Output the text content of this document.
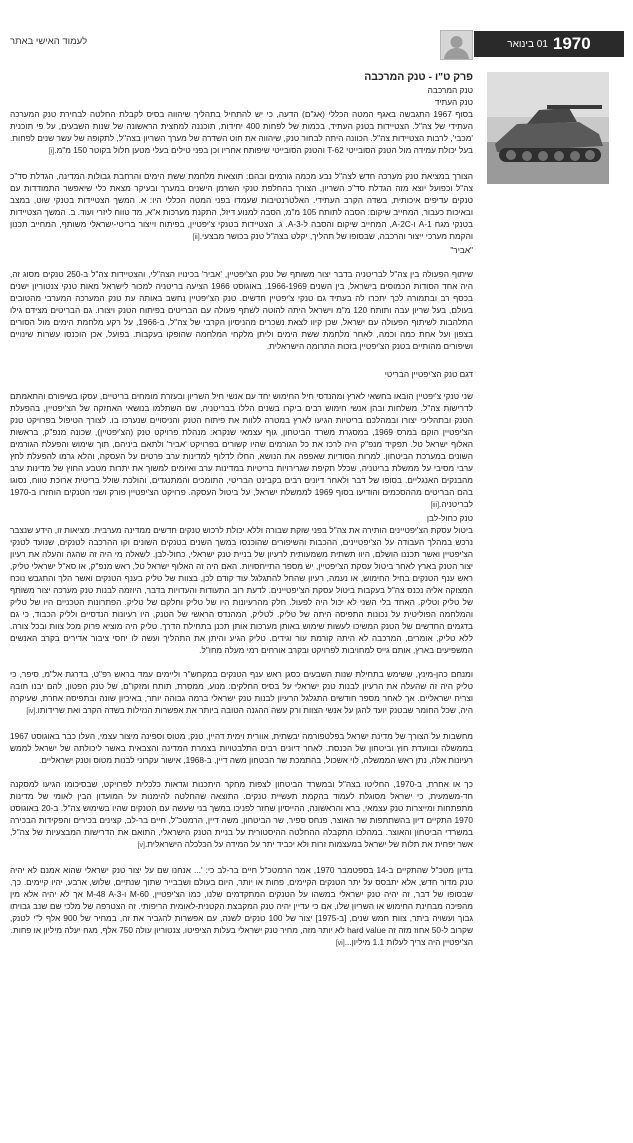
1970
01 בינואר
לעמוד האישי באתר

פרק ט"ו - טנק המרכבה

טנק המרכבה

טנק העתיד

בסוף 1967 התגבשה באגף המטה הכללי (אג"ם) הדעה, כי יש להתחיל בתהליך שיהווה בסיס לקבלת החלטה לבחירת טנק המערכה העתידי של צה"ל. הצטיידות בטנק העתיד, בכמות של לפחות 400 יחידות, תוכננה למחצית הראשונה של שנות השבעים, על פי תוכנית 'מכבי', לרבות הצטיידות צה"ל. הכוונה היתה לבחור טנק, שיהווה את חוט השדרה של מערך השריון בצה"ל, לתקופה של עשר שנים לפחות. בעל יכולת עמידה מול הטנק הסובייטי T-62 והטנק הסובייטי שיפותח אחריו וכן בפני טילים בעלי מטען חלול בקוטר 150 מ"מ.[i]

הצורך במציאת טנק מערכה חדש לצה"ל נבע מכמה גורמים ובהם: תוצאות מלחמת ששת הימים והרחבת גבולות המדינה, הגדלת סד"כ צה"ל וכפועל יוצא מזה הגדלת סד"כ השריון, הצורך בהחלפת טנקי השרמן הישנים במערך ובעיקר מצאת כלי שיאפשר התמודדות עם טנקים עדיפים איכותית, בשדה הקרב העתידי. האלטרנטיבות שעמדו בפני המטה הכללי היו: א. המשך הצטיידות בטנקי שוט, במצב ובאיכות כעבור, המחייב שיקום: הסבה לתותח 105 מ"מ, הסבה למנוע דיזל, התקנת מערכות א"א, מד טווח ליזרי ועוד. ב. המשך הצטיידות בטנקי מגח A-1 ו-A-2C, המחייב שיקום והסבה ל-A-3. ג. הצטיידות בטנקי צ'יפטיין, בפיתוח וייצור בריטי-ישראלי משותף, המחייב תכנון והקמת מערכי ייצור והרכבה, שבסופו של תהליך, יקלט בצה"ל טנק בכושר מבצעי.[ii]
"אביר"

שיתוף הפעולה בין צה"ל לבריטניה בדבר יצור משותף של טנק הצ'יפטיין, 'אביר' בכינויו הצה"לי, והצטיידות צה"ל ב-250 טנקים מסוג זה, היה אחד הסודות הכמוסים בישראל, בין השנים 1966-1969. באוגוסט 1966 הציעה בריטניה למכור לישראל מאות טנקי צנטוריון ישנים בכסף רב ובתמורה לכך יתכרו לה בעתיד גם טנקי צ'יפטיין חדשים. טנק הצ'יפטיין נחשב באותה עת טנק המערכה המערבי מהטובים בעולם, בעל שריון עבה ותותח 120 מ"מ וישראל היתה להוטה לשתף פעולה עם הבריטים בפיתוח הטנק ויצורו. גם הבריטים מצידם גילו התלהבות לשיתוף הפעולה עם ישראל, שכן קיוו לצאת נשכרים מהניסיון הקרבי של צה"ל, ב-1966, על רקע מלחמת הימים מול הסורים בצפון ועל אחת כמה וכמה, לאחר מלחמת ששת הימים וליתן מלקחי המלחמה שהופקו בעקבות. בפועל, אכן הוכנסו עשרות שינויים ושיפורים מהותיים בטנק הצ'יפטיין בזכות התרומה הישראלית.

דגם טנק הצ'יפטיין הבריטי

שני טנקי צ'יפטיין הובאו בחשאי לארץ ומהנדסי חיל החימוש יחד עם אנשי חיל השריון ובעזרת מומחים בריטיים, עסקו בשיפורם והתאמתם לדרישות צה"ל. משלחות ובהן אנשי חימוש רבים ביקרו בשנים הללו בבריטניה, שם השתלמו בנושאי האחזקה של הצ'יפטיין, בהפעלת הטנק ובתהליכי יצורו ובמהלכם בריטיות הגיעו לארץ במטרה ללוות את פיתוח הטנק והניסויים שנערכו בו. לצורך הטיפול בפרויקט טנק הצ'יפטיין הוקם במרס 1969, במסגרת משרד הביטחון, גוף עצמאי שנקרא: מנהלת פרויקט טנק (הצ'יפטיין), שכונה מנפ"ק, בראשות האלוף ישראל טל. תפקיד מנפ"ק היה לרכז את כל הגורמים שהיו קשורים בפרויקט 'אביר' ולתאם ביניהם, תוך שימוש והפעלת הגורמים השונים במערכת הביטחון. למרות הסודיות שאפפה את הנושא, החלו לדלוף למדינות ערב פרטים על העסקה, והלא גרמו להפעלת לחץ ערבי מסיבי על ממשלת בריטניה, שכלל תקיפת שגרירויות בריטיות במדינות ערב ואיומים למשוך את יתרות מטבע החוץ של מדינות ערב מהבנקים האנגליים. בסופו של דבר ולאחר דיונים רבים בקבינט הבריטי, התומכים והמתנגדים, והולכת שולל בריטית ארוכת טווח, נסוגו בהם הבריטים מההסכמים והודיעו בסוף 1969 לממשלת ישראל, על ביטול העסקה. פרויקט הצ'יפטיין פורק ושני הטנקים הוחזרו ב-1970 לבריטניה.[iii]
טנק כחול-לבן

ביטול עסקת הצ'יפטיינים הותירה את צה"ל בפני שוקת שבורה וללא יכולת לרכוש טנקים חדשים ממדינה מערבית. מציאות זו, הידע שנצבר נרכש במהלך העבודה על הצ'יפטיינים, ההכבות והשיפורים שהוכנסו במשך השנים בטנקים השונים וקו ההרכבה לטנקים, שנועד לטנקי הצ'יפטיין ואשר תכננו הושלם, היוו תשתית משמעותית לרעיון של בניית טנק ישראלי, כחול-לבן. לשאלה מי היה זה שהגה והעלה את רעיון יצור הטנק בארץ לאחר ביטול עסקת הצ'יפטיין, יש מספר התייחסויות. האם היה זה האלוף ישראל טל, ראש מנפ"ק, או סא"ל ישראלי טליק, ראש ענף הטנקים בחיל החימוש, או נעמה, רעיון שהחל להתגלגל עוד קודם לכן, בצוות של טליק בענף הטנקים ואשר הלך והתגבש נוכח המצוקה אליה נכנס צה"ל בעקבות ביטול עסקת הצ'יפטיינים. לדעת רוב התעודות והעדויות בדבר, היוזמה לבנות טנק מערכה יצור משותף של טליק וטליק. האחד בלי השני לא יכול היה לפעול. חלק מהרעיונות היו של טליק וחלקם של טליק. הפתרונות הטכניים היו של טליק והמלחמה הפוליטית על נכונות התפיסה היתה של טליק. לטליק, המהנדס הראשי של הטנק, היו רעיונות הנדסיים ולליק הכבוד, כי גם בדגמים החדשים של הטנק המשיכו לעשות שימוש באותן מערכות אותן תכנן בתחילת הדרך. טליק היה מוציא פרוק מכל צוות ובכל צורה. ללא טליק, אומרים, המרכבה לא היתה קורמת עור וגידים. טליק הגיע והיתן את התהליך ועשה לו יחסי ציבור אדירים בקרב האנשים המשפיעים בארץ, אותם גייס למחויבות לפרויקט ובקרב אורחים רמי מעלה מחו"ל.

ומנחם כהן-מינץ, ששימש בתחילת שנות השבעים כסגן ראש ענף הטנקים במקחש"ר וליימים עמד בראש רפ"ט, בדרגת אל"מ, סיפר, כי טליק היה זה שהעלה את הרעיון לבנות טנק ישראלי על בסיס החלקים: מנוע, ממסרת, תותח ומזקו"ם, של טנק הפטון, להם יבנו תובה וצריח ישראליים. אך לאחר מספר חודשים התגלגל הרעיון לבנות טנק ישראלי ברמה גבוהה יותר, באיכיון שונה ובתפיסה אחרת, שעיקרה היה, שכל החומר שבטנק יועד להגן על אנשי הצוות ורק עשה ההגנה הטובה ביותר את אפשרות הנזילות בשדה הקרב ואת שרידותו.[iv]

מחשבות על הצורך של מדינת ישראל בפלטפורמה יבשתית, אוורית וימית דהיין, טנק, מטוס וספינה מיצור עצמי, העלו כבר באוגוסט 1967 בממשלה ובוועדת חוץ וביטחון של הכנסת. לאחר דיונים רבים התלבטויות בצמרת המדינה והצבאית באשר ליכולתה של ישראל לממש רעיונות אלה, נתן ראש הממשלה, לוי אשכול, בהתמכת שר הבטחון משה דיין, ב-1968, אישור עקרוני לבנות מטוס וטנק ישראליים.

כך או אחרת, ב-1970, החליטו בצה"ל ובמשרד הביטחון לצפות מחקר היתכנות וגדאות כלכלית לפרויקט, שבסיכומו הגיעו למסקנה חד-משמעית, כי ישראל מסוגלת לעמוד בהקמת תעשיית טנקים. התוצאה שהחלטה להימנות על המועדון הבין לאומי של מדינות מתפתחות ומייצרות טנק עצמאי, ברא והראשונה, ההייסיון שחזר לפניכו במשך בני שעשה עם הטנקים שהיו בשימוש צה"ל. ב-20 באוגוסט 1970 התקיים דיון בהשתתפות שר האוצר, פנחס ספיר, שר הביטחון, משה דיין, הרמטכ"ל, חיים בר-לב, קצינים בכירים והפקידות הבכירה במשרדי הביטחון והאוצר. במהלכו התקבלה ההחלטה ההיסטורית על בניית הטנק הישראלי, התואם את הדרישות המבצעיות של צה"ל, אשר יפחית את תלות של ישראל במעצמות זרות ולא יכביד יתר על המידה על הכלכלה הישראלית.[v]

בדיון מטכ"ל שהתקיים ב-14 בספטמבר 1970, אמר הרמטכ"ל חיים בר-לב כי: '... אנחנו שם על יצור טנק ישראלי שהוא אמנם לא יהיה טנק מדור חדש, אלא יתבסס על יתר הטנקים הקיימים, פחות או יותר, היום בעולם ושבבייר שתוך שנתיים, שלוש, ארבע, יהיו קיימים. כך, שבסופו של דבר, זה יהיה טנק ישראלי במשהו על הטנקים המתקדמים שלנו, כמו הצ'יפטיין, M-60 ו-M-48 A-3 אך לא יהיה אלא מין מהפיכה מבחינת החימוש או השריון שלו, אם כי עדיין יהיה טנק המקבצת הקטנית-לאומית הריפותי. זה הצטרפה של מלכי שם שנב גבויתו גבוך ועשויה ביתר, צוות חמש שנים, [ב-1975] יצור של 100 טנקים לשנה, עם אפשרות להגביר את זה, במחיר של 900 אלף ל"י לטנק, שקרוב ל-50 אחוז מזה זה hard value לא יותר מזה, מחיר טנק ישראלי בעלות הציפיטו, צנטוריון עולה 750 אלף, מגח יעלה מיליון או פחות.
הצ'יפטיין היה צריך לעלות 1.1 מיליון...[vi]
